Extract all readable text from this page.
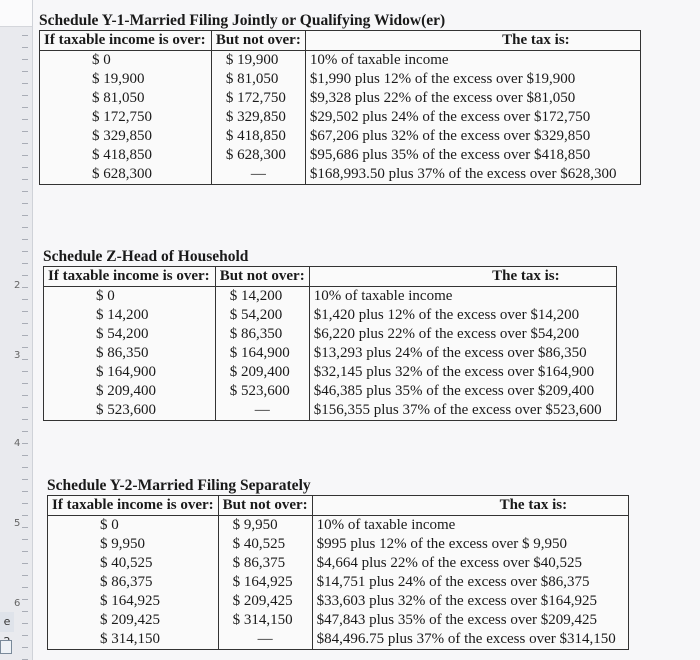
2
3
4
5
6
e
Schedule Y-1-Married Filing Jointly or Qualifying Widow(er)
If taxable income is over:	But not over:	The tax is:
$ 0	$ 19,900	10% of taxable income
$ 19,900	$ 81,050	$1,990 plus 12% of the excess over $19,900
$ 81,050	$ 172,750	$9,328 plus 22% of the excess over $81,050
$ 172,750	$ 329,850	$29,502 plus 24% of the excess over $172,750
$ 329,850	$ 418,850	$67,206 plus 32% of the excess over $329,850
$ 418,850	$ 628,300	$95,686 plus 35% of the excess over $418,850
$ 628,300	—	$168,993.50 plus 37% of the excess over $628,300
Schedule Z-Head of Household
If taxable income is over:	But not over:	The tax is:
$ 0	$ 14,200	10% of taxable income
$ 14,200	$ 54,200	$1,420 plus 12% of the excess over $14,200
$ 54,200	$ 86,350	$6,220 plus 22% of the excess over $54,200
$ 86,350	$ 164,900	$13,293 plus 24% of the excess over $86,350
$ 164,900	$ 209,400	$32,145 plus 32% of the excess over $164,900
$ 209,400	$ 523,600	$46,385 plus 35% of the excess over $209,400
$ 523,600	—	$156,355 plus 37% of the excess over $523,600
Schedule Y-2-Married Filing Separately
If taxable income is over:	But not over:	The tax is:
$ 0	$ 9,950	10% of taxable income
$ 9,950	$ 40,525	$995 plus 12% of the excess over $ 9,950
$ 40,525	$ 86,375	$4,664 plus 22% of the excess over $40,525
$ 86,375	$ 164,925	$14,751 plus 24% of the excess over $86,375
$ 164,925	$ 209,425	$33,603 plus 32% of the excess over $164,925
$ 209,425	$ 314,150	$47,843 plus 35% of the excess over $209,425
$ 314,150	—	$84,496.75 plus 37% of the excess over $314,150
